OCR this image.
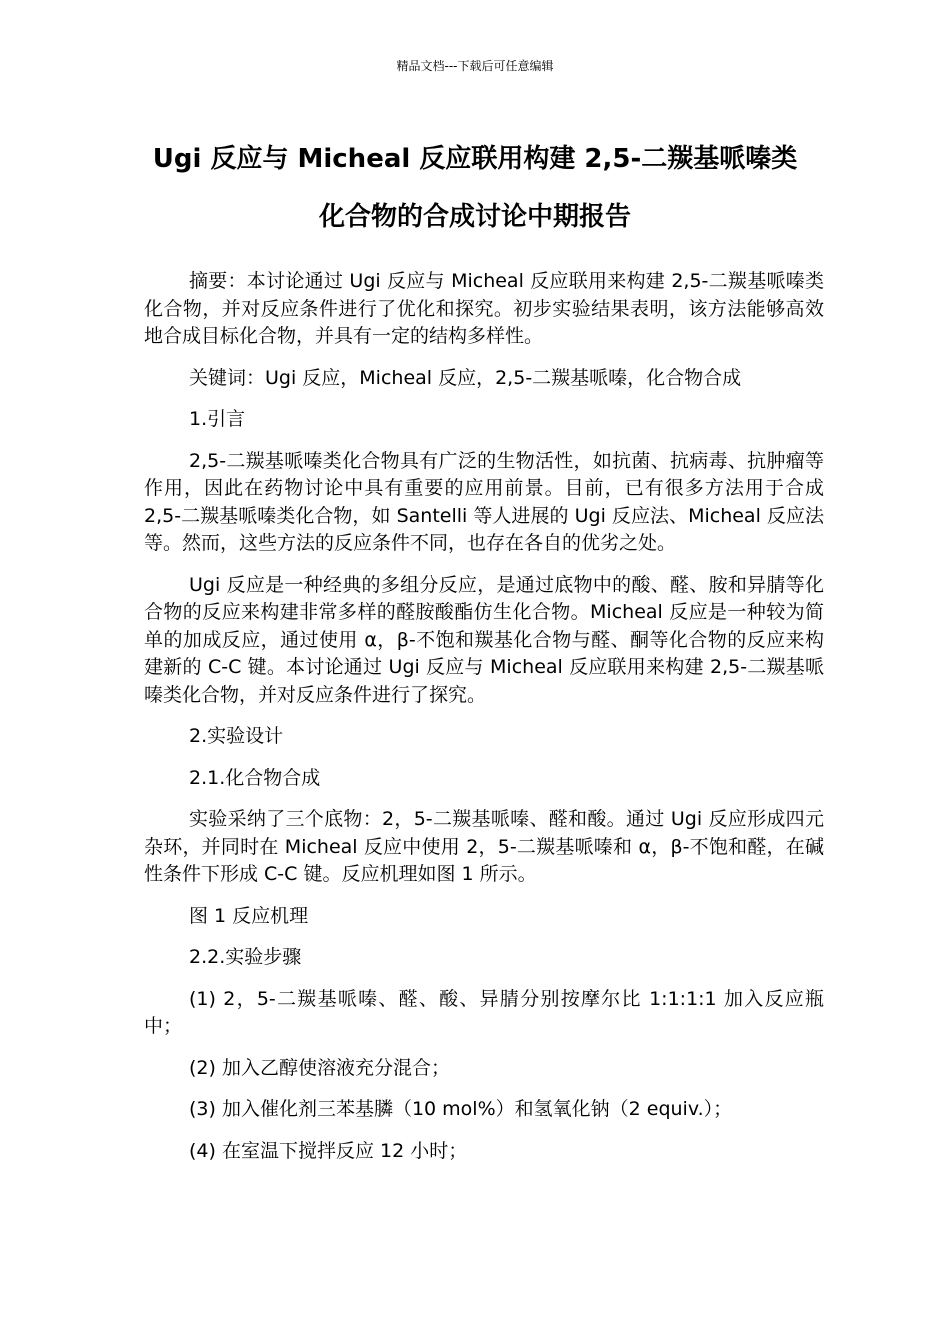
精品文档---下载后可任意编辑
Ugi 反应与 Micheal 反应联用构建 2,5-二羰基哌嗪类
化合物的合成讨论中期报告

摘要：本讨论通过 Ugi 反应与 Micheal 反应联用来构建 2,5-二羰基哌嗪类化合物，并对反应条件进行了优化和探究。初步实验结果表明，该方法能够高效地合成目标化合物，并具有一定的结构多样性。

关键词：Ugi 反应，Micheal 反应，2,5-二羰基哌嗪，化合物合成

1.引言

2,5-二羰基哌嗪类化合物具有广泛的生物活性，如抗菌、抗病毒、抗肿瘤等作用，因此在药物讨论中具有重要的应用前景。目前，已有很多方法用于合成 2,5-二羰基哌嗪类化合物，如 Santelli 等人进展的 Ugi 反应法、Micheal 反应法等。然而，这些方法的反应条件不同，也存在各自的优劣之处。

Ugi 反应是一种经典的多组分反应，是通过底物中的酸、醛、胺和异腈等化合物的反应来构建非常多样的醛胺酸酯仿生化合物。Micheal 反应是一种较为简单的加成反应，通过使用 α，β-不饱和羰基化合物与醛、酮等化合物的反应来构建新的 C-C 键。本讨论通过 Ugi 反应与 Micheal 反应联用来构建 2,5-二羰基哌嗪类化合物，并对反应条件进行了探究。

2.实验设计

2.1.化合物合成

实验采纳了三个底物：2，5-二羰基哌嗪、醛和酸。通过 Ugi 反应形成四元杂环，并同时在 Micheal 反应中使用 2，5-二羰基哌嗪和 α，β-不饱和醛，在碱性条件下形成 C-C 键。反应机理如图 1 所示。

图 1 反应机理

2.2.实验步骤

(1) 2，5-二羰基哌嗪、醛、酸、异腈分别按摩尔比 1:1:1:1 加入反应瓶中；

(2) 加入乙醇使溶液充分混合；

(3) 加入催化剂三苯基膦（10 mol%）和氢氧化钠（2 equiv.）；

(4) 在室温下搅拌反应 12 小时；
